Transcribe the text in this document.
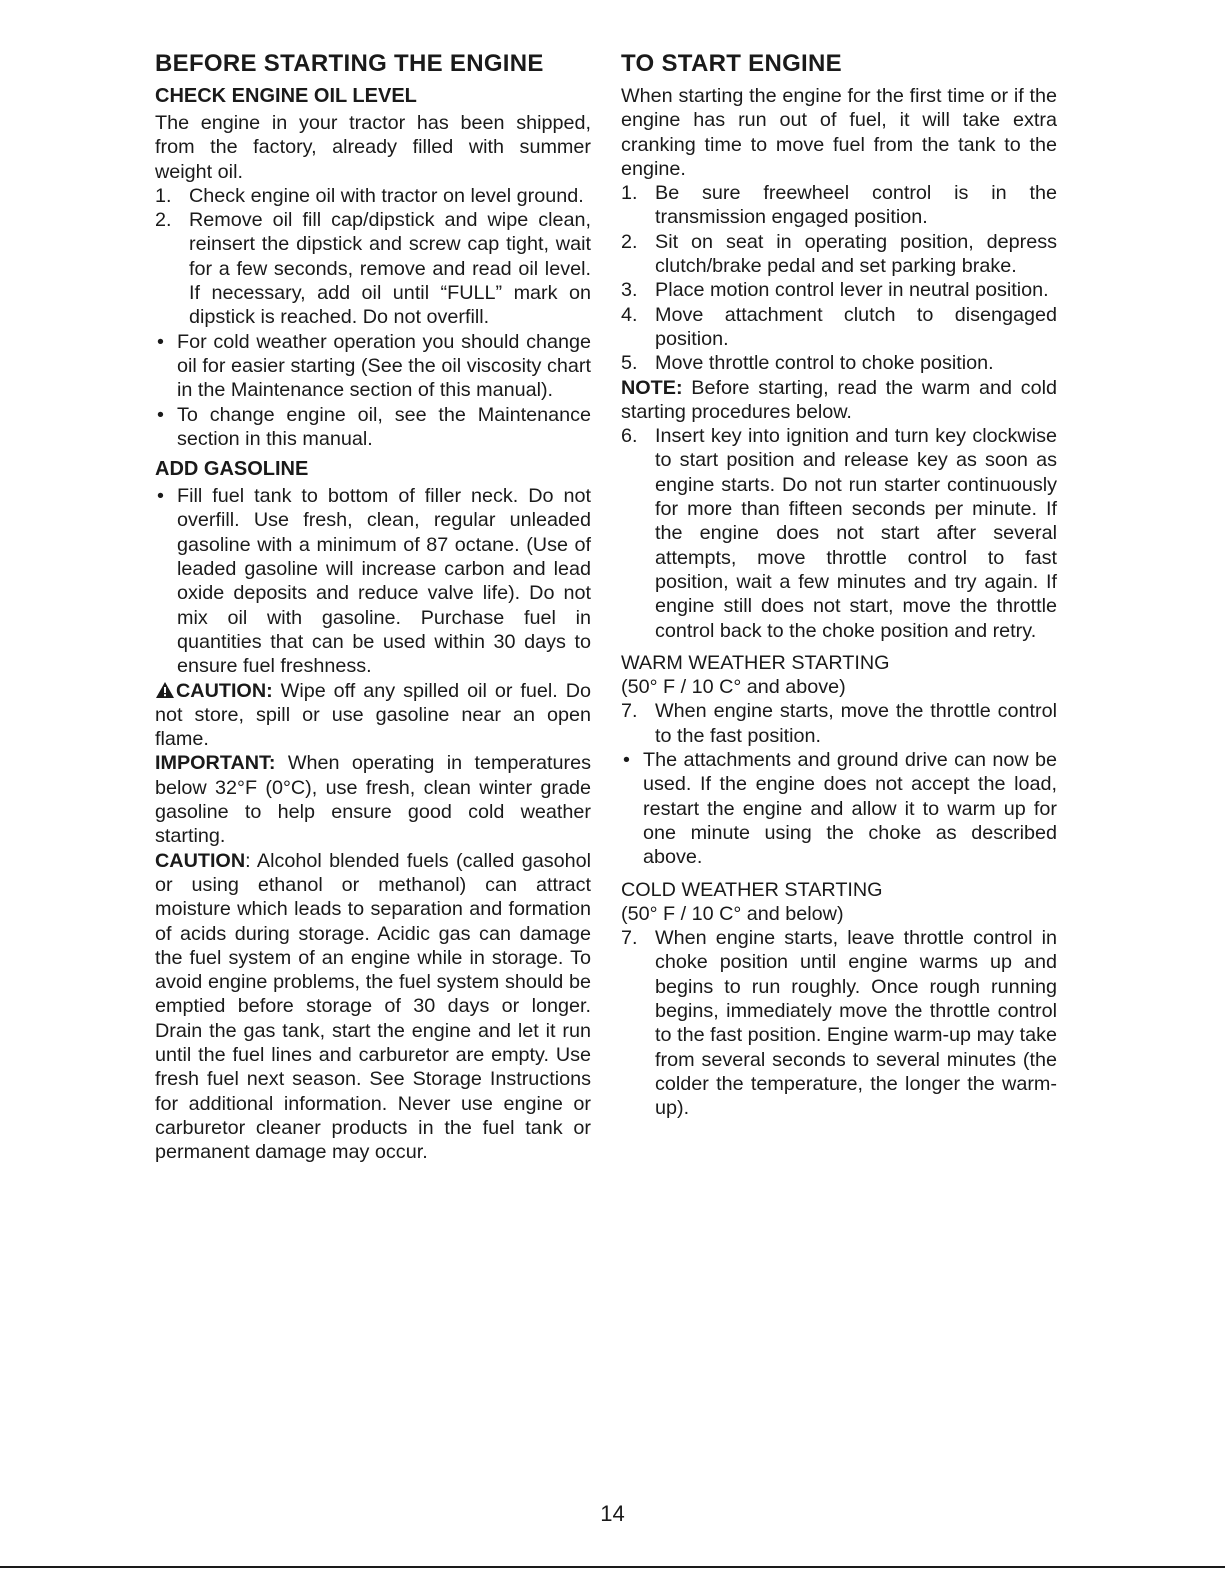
BEFORE STARTING THE ENGINE
CHECK ENGINE OIL LEVEL

The engine in your tractor has been shipped, from the factory, already filled with summer weight oil.

1. Check engine oil with tractor on level ground.
2. Remove oil fill cap/dipstick and wipe clean, reinsert the dipstick and screw cap tight, wait for a few seconds, remove and read oil level. If necessary, add oil until “FULL” mark on dipstick is reached. Do not overfill.
• For cold weather operation you should change oil for easier starting (See the oil viscosity chart in the Maintenance section of this manual).
• To change engine oil, see the Maintenance section in this manual.
ADD GASOLINE
• Fill fuel tank to bottom of filler neck. Do not overfill. Use fresh, clean, regular unleaded gasoline with a minimum of 87 octane. (Use of leaded gasoline will increase carbon and lead oxide deposits and reduce valve life). Do not mix oil with gasoline. Purchase fuel in quantities that can be used within 30 days to ensure fuel freshness.

CAUTION: Wipe off any spilled oil or fuel. Do not store, spill or use gasoline near an open flame.

IMPORTANT: When operating in temperatures below 32°F (0°C), use fresh, clean winter grade gasoline to help ensure good cold weather starting.

CAUTION: Alcohol blended fuels (called gasohol or using ethanol or methanol) can attract moisture which leads to separation and formation of acids during storage. Acidic gas can damage the fuel system of an engine while in storage. To avoid engine problems, the fuel system should be emptied before storage of 30 days or longer. Drain the gas tank, start the engine and let it run until the fuel lines and carburetor are empty. Use fresh fuel next season. See Storage Instructions for additional information. Never use engine or carburetor cleaner products in the fuel tank or permanent damage may occur.

TO START ENGINE

When starting the engine for the first time or if the engine has run out of fuel, it will take extra cranking time to move fuel from the tank to the engine.

1. Be sure freewheel control is in the transmission engaged position.
2. Sit on seat in operating position, depress clutch/brake pedal and set parking brake.
3. Place motion control lever in neutral position.
4. Move attachment clutch to disengaged position.
5. Move throttle control to choke position.

NOTE: Before starting, read the warm and cold starting procedures below.

6. Insert key into ignition and turn key clockwise to start position and release key as soon as engine starts. Do not run starter continuously for more than fifteen seconds per minute. If the engine does not start after several attempts, move throttle control to fast position, wait a few minutes and try again. If engine still does not start, move the throttle control back to the choke position and retry.

WARM WEATHER STARTING

(50° F / 10 C° and above)

7. When engine starts, move the throttle control to the fast position.
• The attachments and ground drive can now be used. If the engine does not accept the load, restart the engine and allow it to warm up for one minute using the choke as described above.

COLD WEATHER STARTING

(50° F / 10 C° and below)

7. When engine starts, leave throttle control in choke position until engine warms up and begins to run roughly. Once rough running begins, immediately move the throttle control to the fast position. Engine warm-up may take from several seconds to several minutes (the colder the temperature, the longer the warm-up).
14
